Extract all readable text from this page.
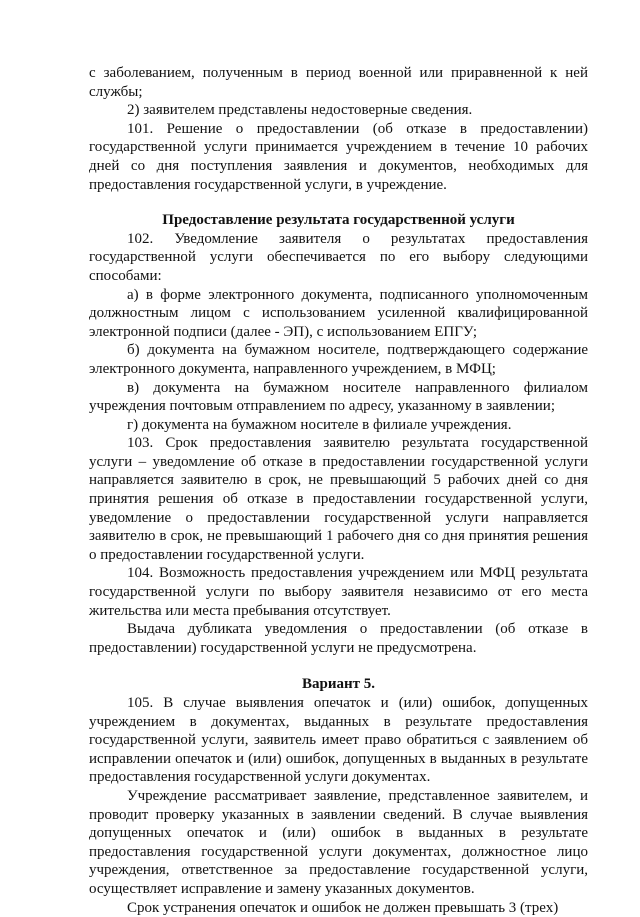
с заболеванием, полученным в период военной или приравненной к ней службы;

2) заявителем представлены недостоверные сведения.

101. Решение о предоставлении (об отказе в предоставлении) государственной услуги принимается учреждением в течение 10 рабочих дней со дня поступления заявления и документов, необходимых для предоставления государственной услуги, в учреждение.

Предоставление результата государственной услуги

102. Уведомление заявителя о результатах предоставления государственной услуги обеспечивается по его выбору следующими способами:

а) в форме электронного документа, подписанного уполномоченным должностным лицом с использованием усиленной квалифицированной электронной подписи (далее - ЭП), с использованием ЕПГУ;

б) документа на бумажном носителе, подтверждающего содержание электронного документа, направленного учреждением, в МФЦ;

в) документа на бумажном носителе направленного филиалом учреждения почтовым отправлением по адресу, указанному в заявлении;

г) документа на бумажном носителе в филиале учреждения.

103. Срок предоставления заявителю результата государственной услуги – уведомление об отказе в предоставлении государственной услуги направляется заявителю в срок, не превышающий 5 рабочих дней со дня принятия решения об отказе в предоставлении государственной услуги, уведомление о предоставлении государственной услуги направляется заявителю в срок, не превышающий 1 рабочего дня со дня принятия решения о предоставлении государственной услуги.

104. Возможность предоставления учреждением или МФЦ результата государственной услуги по выбору заявителя независимо от его места жительства или места пребывания отсутствует.

Выдача дубликата уведомления о предоставлении (об отказе в предоставлении) государственной услуги не предусмотрена.

Вариант 5.

105. В случае выявления опечаток и (или) ошибок, допущенных учреждением в документах, выданных в результате предоставления государственной услуги, заявитель имеет право обратиться с заявлением об исправлении опечаток и (или) ошибок, допущенных в выданных в результате предоставления государственной услуги документах.

Учреждение рассматривает заявление, представленное заявителем, и проводит проверку указанных в заявлении сведений. В случае выявления допущенных опечаток и (или) ошибок в выданных в результате предоставления государственной услуги документах, должностное лицо учреждения, ответственное за предоставление государственной услуги, осуществляет исправление и замену указанных документов.

Срок устранения опечаток и ошибок не должен превышать 3 (трех)
